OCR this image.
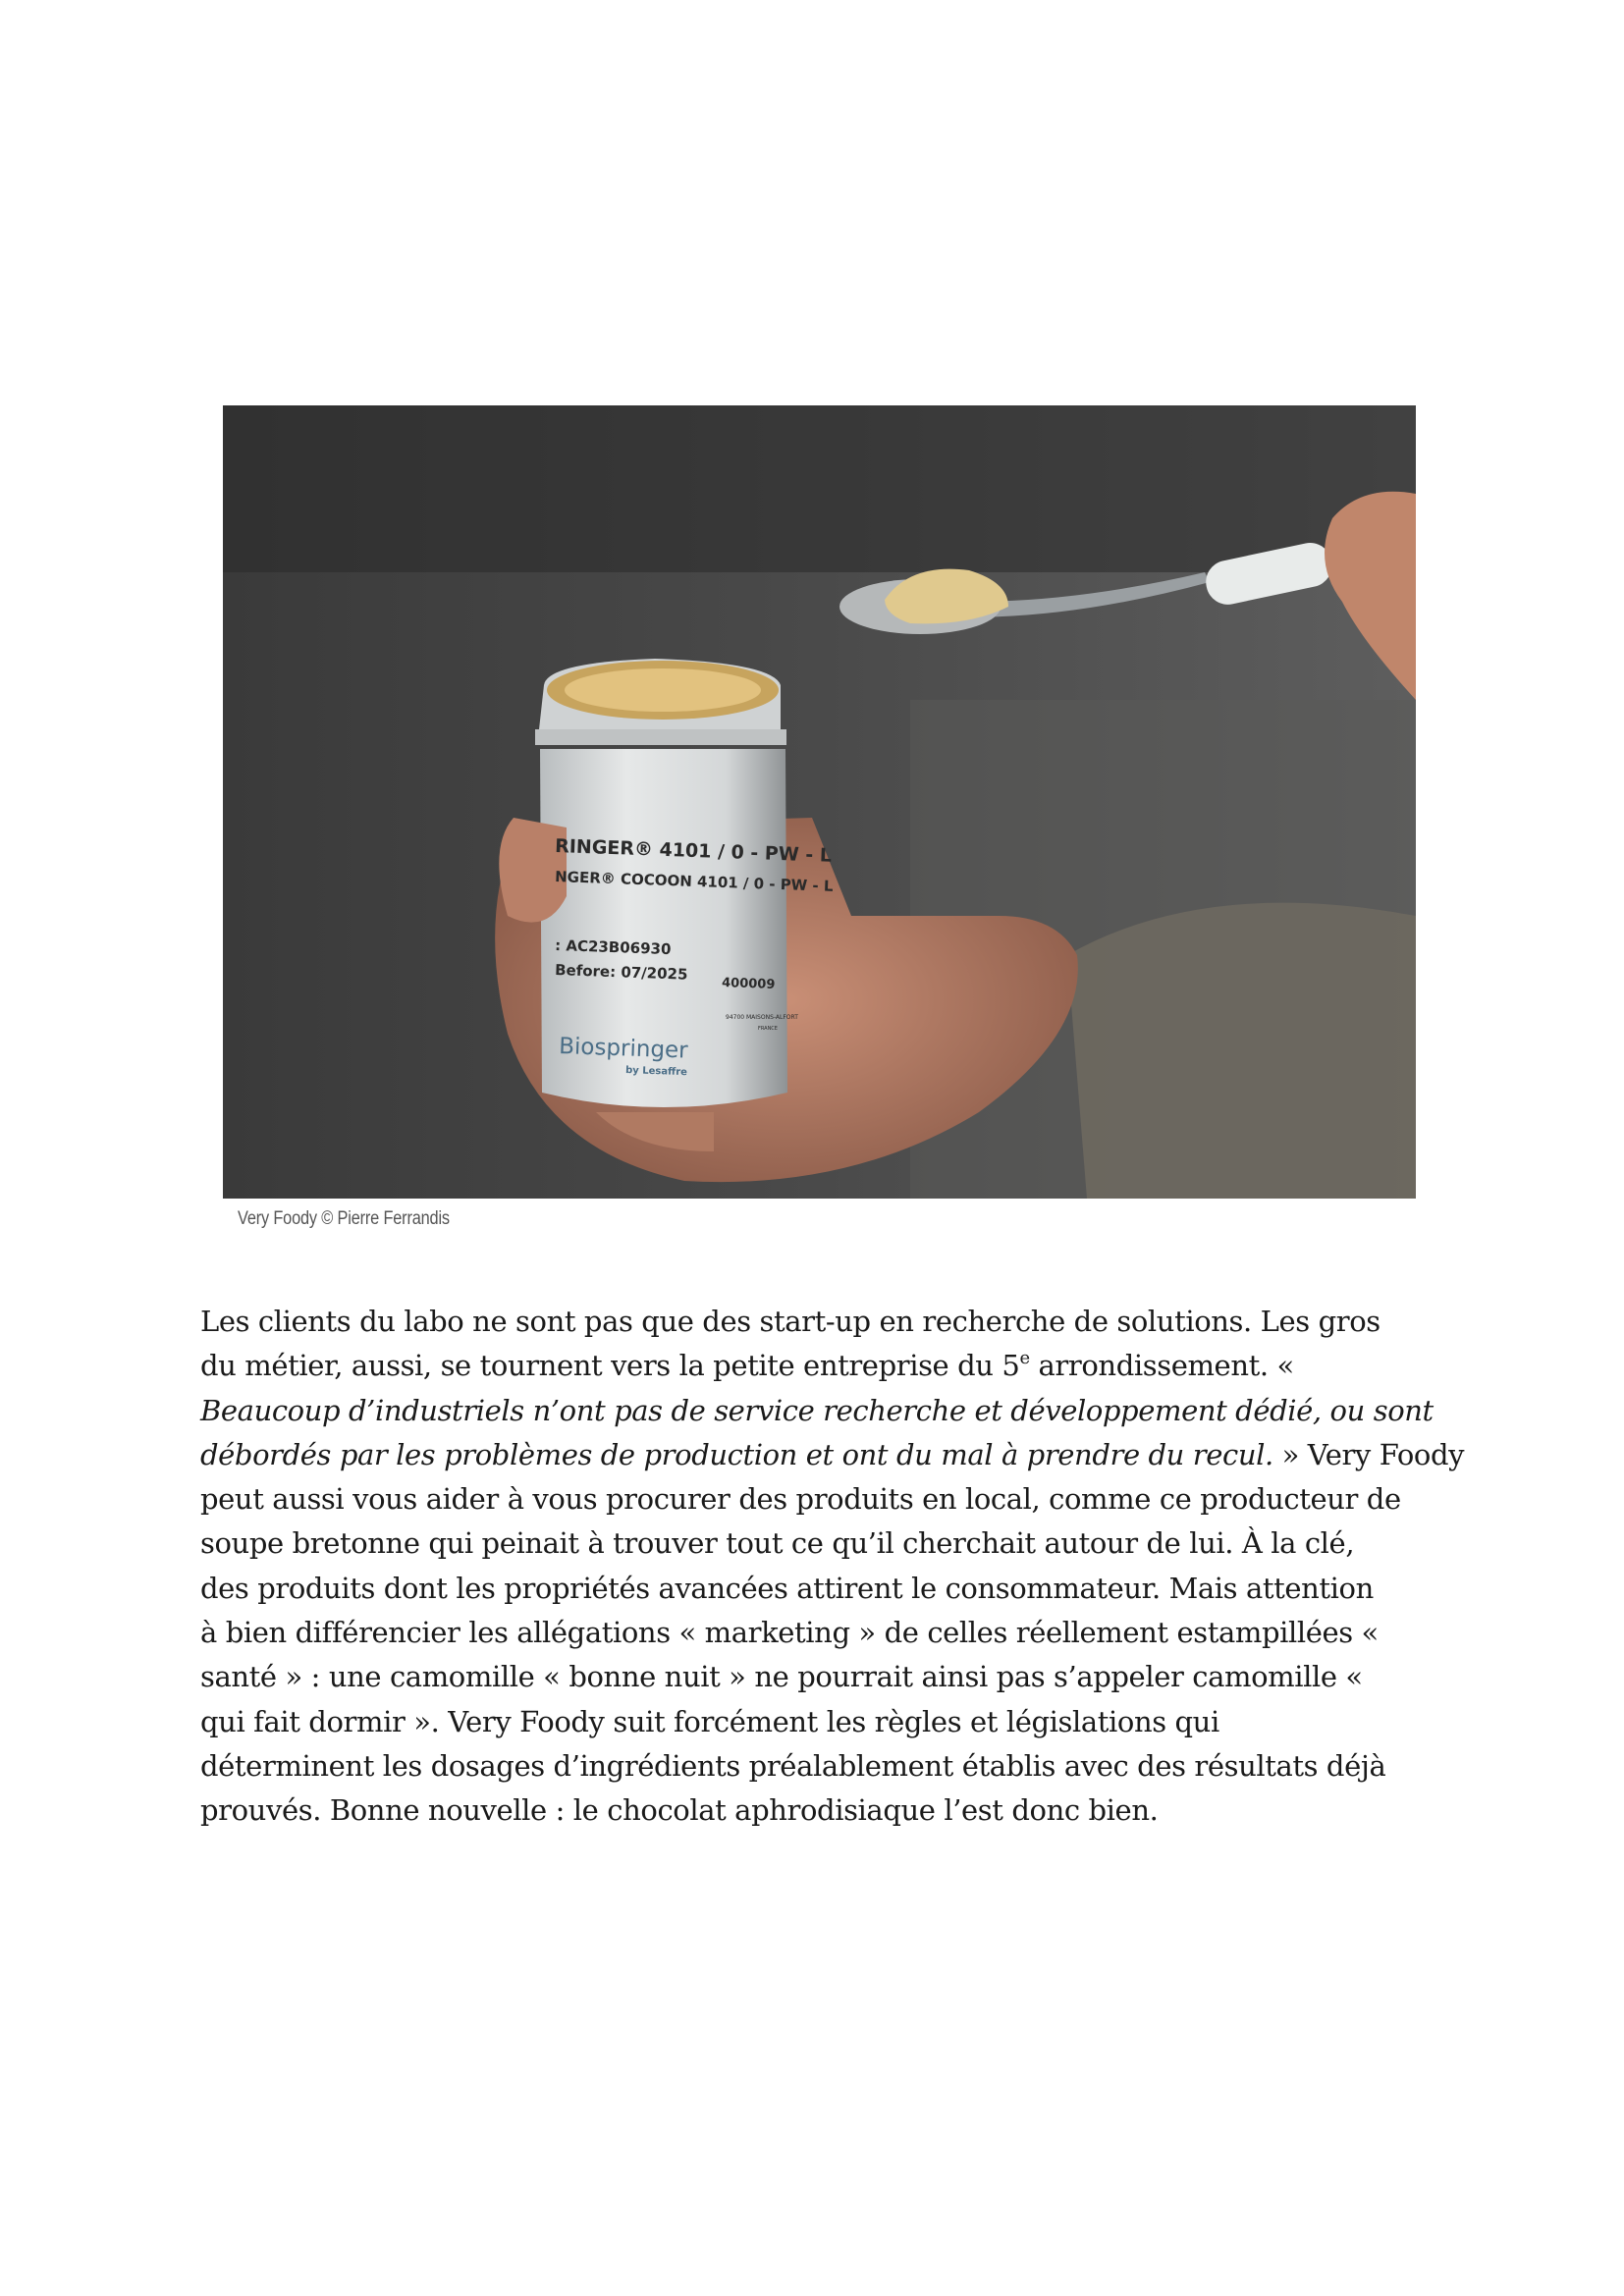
RINGER® 4101 / 0 - PW - L
NGER® COCOON 4101 / 0 - PW - L
: AC23B06930
Before: 07/2025
400009
94700 MAISONS-ALFORT
FRANCE
Biospringer
by Lesaffre
Very Foody © Pierre Ferrandis
Les clients du labo ne sont pas que des start-up en recherche de solutions. Les gros
du métier, aussi, se tournent vers la petite entreprise du 5e arrondissement. «
Beaucoup d’industriels n’ont pas de service recherche et développement dédié, ou sont
débordés par les problèmes de production et ont du mal à prendre du recul. » Very Foody
peut aussi vous aider à vous procurer des produits en local, comme ce producteur de
soupe bretonne qui peinait à trouver tout ce qu’il cherchait autour de lui. À la clé,
des produits dont les propriétés avancées attirent le consommateur. Mais attention
à bien différencier les allégations « marketing » de celles réellement estampillées «
santé » : une camomille « bonne nuit » ne pourrait ainsi pas s’appeler camomille «
qui fait dormir ». Very Foody suit forcément les règles et législations qui
déterminent les dosages d’ingrédients préalablement établis avec des résultats déjà
prouvés. Bonne nouvelle : le chocolat aphrodisiaque l’est donc bien.
